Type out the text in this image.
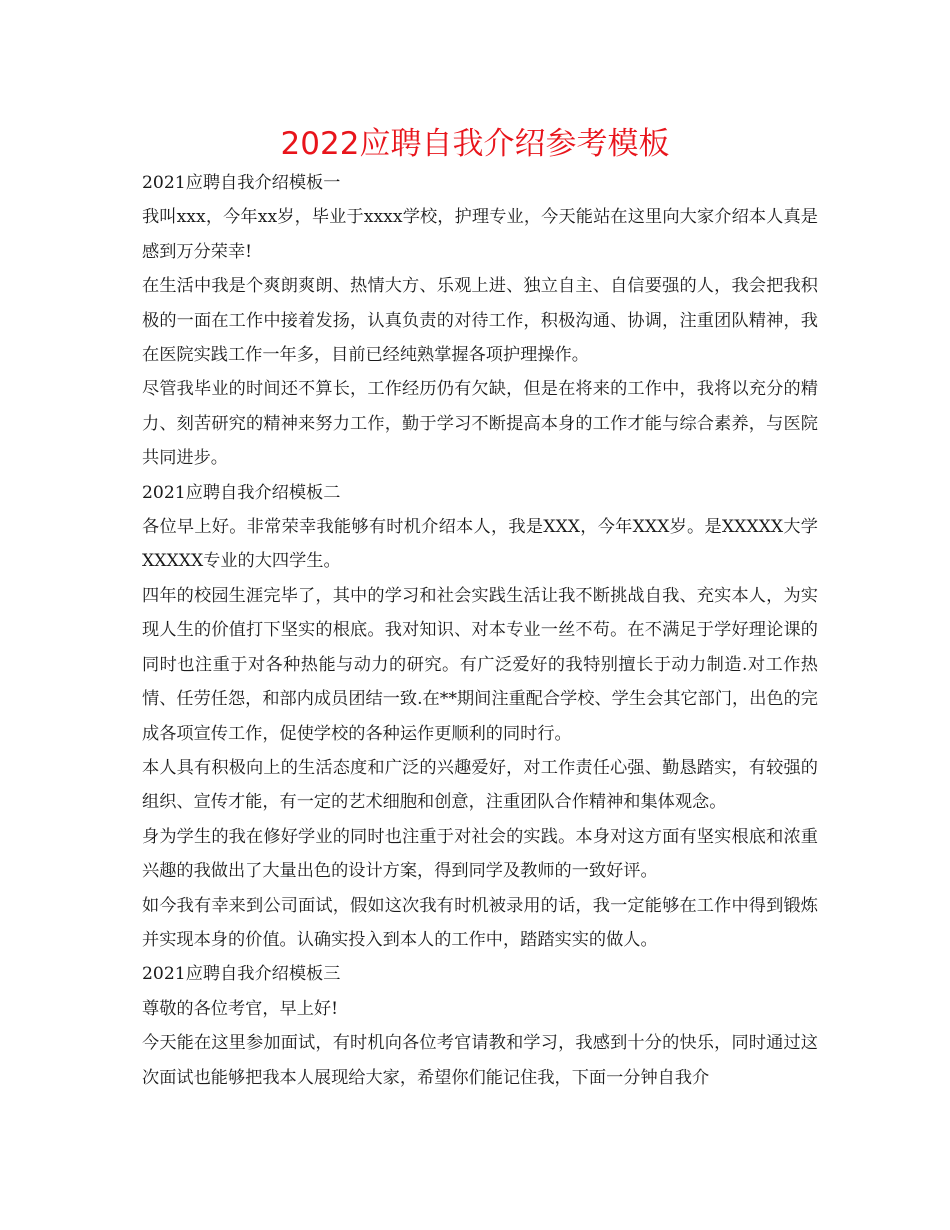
2022应聘自我介绍参考模板

2021应聘自我介绍模板一

我叫xxx，今年xx岁，毕业于xxxx学校，护理专业，今天能站在这里向大家介绍本人真是感到万分荣幸!

在生活中我是个爽朗爽朗、热情大方、乐观上进、独立自主、自信要强的人，我会把我积极的一面在工作中接着发扬，认真负责的对待工作，积极沟通、协调，注重团队精神，我在医院实践工作一年多，目前已经纯熟掌握各项护理操作。

尽管我毕业的时间还不算长，工作经历仍有欠缺，但是在将来的工作中，我将以充分的精力、刻苦研究的精神来努力工作，勤于学习不断提高本身的工作才能与综合素养，与医院共同进步。

2021应聘自我介绍模板二

各位早上好。非常荣幸我能够有时机介绍本人，我是XXX，今年XXX岁。是XXXXX大学XXXXX专业的大四学生。

四年的校园生涯完毕了，其中的学习和社会实践生活让我不断挑战自我、充实本人，为实现人生的价值打下坚实的根底。我对知识、对本专业一丝不苟。在不满足于学好理论课的同时也注重于对各种热能与动力的研究。有广泛爱好的我特别擅长于动力制造.对工作热情、任劳任怨，和部内成员团结一致.在**期间注重配合学校、学生会其它部门，出色的完成各项宣传工作，促使学校的各种运作更顺利的同时行。

本人具有积极向上的生活态度和广泛的兴趣爱好，对工作责任心强、勤恳踏实，有较强的组织、宣传才能，有一定的艺术细胞和创意，注重团队合作精神和集体观念。

身为学生的我在修好学业的同时也注重于对社会的实践。本身对这方面有坚实根底和浓重兴趣的我做出了大量出色的设计方案，得到同学及教师的一致好评。

如今我有幸来到公司面试，假如这次我有时机被录用的话，我一定能够在工作中得到锻炼并实现本身的价值。认确实投入到本人的工作中，踏踏实实的做人。

2021应聘自我介绍模板三

尊敬的各位考官，早上好!

今天能在这里参加面试，有时机向各位考官请教和学习，我感到十分的快乐，同时通过这次面试也能够把我本人展现给大家，希望你们能记住我，下面一分钟自我介
